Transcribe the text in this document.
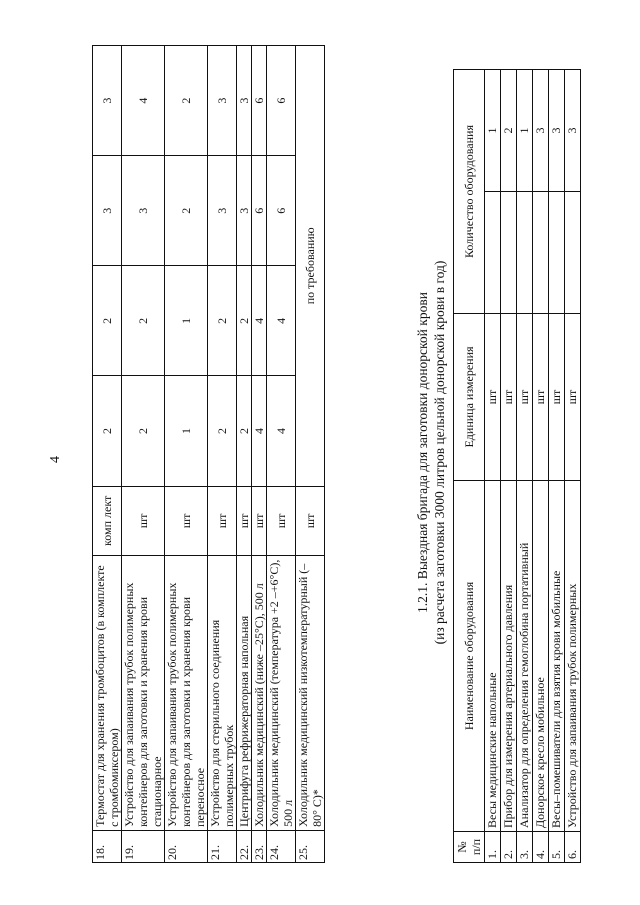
4
18.	Термостат для хранения тромбоцитов (в комплекте с тромбомиксером)	комп лект	2	2	3	3
19.	Устройство для запаивания трубок полимерных контейнеров для заготовки и хранения крови стационарное	шт	2	2	3	4
20.	Устройство для запаивания трубок полимерных контейнеров для заготовки и хранения крови переносное	шт	1	1	2	2
21.	Устройство для стерильного соединения полимерных трубок	шт	2	2	3	3
22.	Центрифуга рефрижераторная напольная	шт	2	2	3	3
23.	Холодильник медицинский (ниже –25°С), 500 л	шт	4	4	6	6
24.	Холодильник медицинский (температура +2 –+6°С), 500 л	шт	4	4	6	6
25.	Холодильник медицинский низкотемпературный (– 80° С)*	шт	по требованию			
1.2.1. Выездная бригада для заготовки донорской крови (из расчета заготовки 3000 литров цельной донорской крови в год)
№ п/п	Наименование оборудования	Единица измерения	Количество оборудования
1.	Весы медицинские напольные	шт	1

2.	Прибор для измерения артериального давления	шт	2

3.	Анализатор для определения гемоглобина портативный	шт	1

4.	Донорское кресло мобильное	шт	3

5.	Весы–помешиватели для взятия крови мобильные	шт	3

6.	Устройство для запаивания трубок полимерных	шт	3
